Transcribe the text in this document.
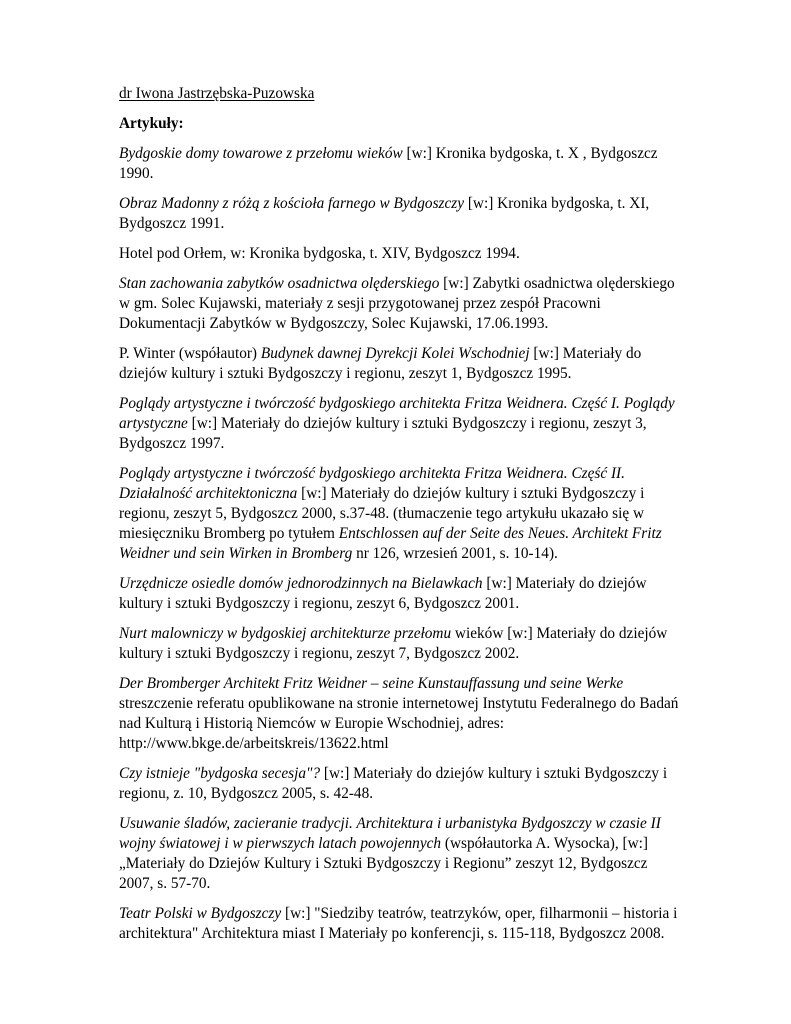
dr Iwona Jastrzębska-Puzowska

Artykuły:

Bydgoskie domy towarowe z przełomu wieków [w:] Kronika bydgoska, t. X , Bydgoszcz 1990.

Obraz Madonny z różą z kościoła farnego w Bydgoszczy [w:] Kronika bydgoska, t. XI, Bydgoszcz 1991.

Hotel pod Orłem, w: Kronika bydgoska, t. XIV, Bydgoszcz 1994.

Stan zachowania zabytków osadnictwa olęderskiego [w:] Zabytki osadnictwa olęderskiego w gm. Solec Kujawski, materiały z sesji przygotowanej przez zespół Pracowni Dokumentacji Zabytków w Bydgoszczy, Solec Kujawski, 17.06.1993.

P. Winter (współautor) Budynek dawnej Dyrekcji Kolei Wschodniej [w:] Materiały do dziejów kultury i sztuki Bydgoszczy i regionu, zeszyt 1, Bydgoszcz 1995.

Poglądy artystyczne i twórczość bydgoskiego architekta Fritza Weidnera. Część I. Poglądy artystyczne [w:] Materiały do dziejów kultury i sztuki Bydgoszczy i regionu, zeszyt 3, Bydgoszcz 1997.

Poglądy artystyczne i twórczość bydgoskiego architekta Fritza Weidnera. Część II. Działalność architektoniczna [w:] Materiały do dziejów kultury i sztuki Bydgoszczy i regionu, zeszyt 5, Bydgoszcz 2000, s.37-48. (tłumaczenie tego artykułu ukazało się w miesięczniku Bromberg po tytułem Entschlossen auf der Seite des Neues. Architekt Fritz Weidner und sein Wirken in Bromberg nr 126, wrzesień 2001, s. 10-14).

Urzędnicze osiedle domów jednorodzinnych na Bielawkach [w:] Materiały do dziejów kultury i sztuki Bydgoszczy i regionu, zeszyt 6, Bydgoszcz 2001.

Nurt malowniczy w bydgoskiej architekturze przełomu wieków [w:] Materiały do dziejów kultury i sztuki Bydgoszczy i regionu, zeszyt 7, Bydgoszcz 2002.

Der Bromberger Architekt Fritz Weidner – seine Kunstauffassung und seine Werke streszczenie referatu opublikowane na stronie internetowej Instytutu Federalnego do Badań nad Kulturą i Historią Niemców w Europie Wschodniej, adres: http://www.bkge.de/arbeitskreis/13622.html

Czy istnieje "bydgoska secesja"? [w:] Materiały do dziejów kultury i sztuki Bydgoszczy i regionu, z. 10, Bydgoszcz 2005, s. 42-48.

Usuwanie śladów, zacieranie tradycji. Architektura i urbanistyka Bydgoszczy w czasie II wojny światowej i w pierwszych latach powojennych (współautorka A. Wysocka), [w:] „Materiały do Dziejów Kultury i Sztuki Bydgoszczy i Regionu” zeszyt 12, Bydgoszcz 2007, s. 57-70.

Teatr Polski w Bydgoszczy [w:] "Siedziby teatrów, teatrzyków, oper, filharmonii – historia i architektura" Architektura miast I Materiały po konferencji, s. 115-118, Bydgoszcz 2008.
